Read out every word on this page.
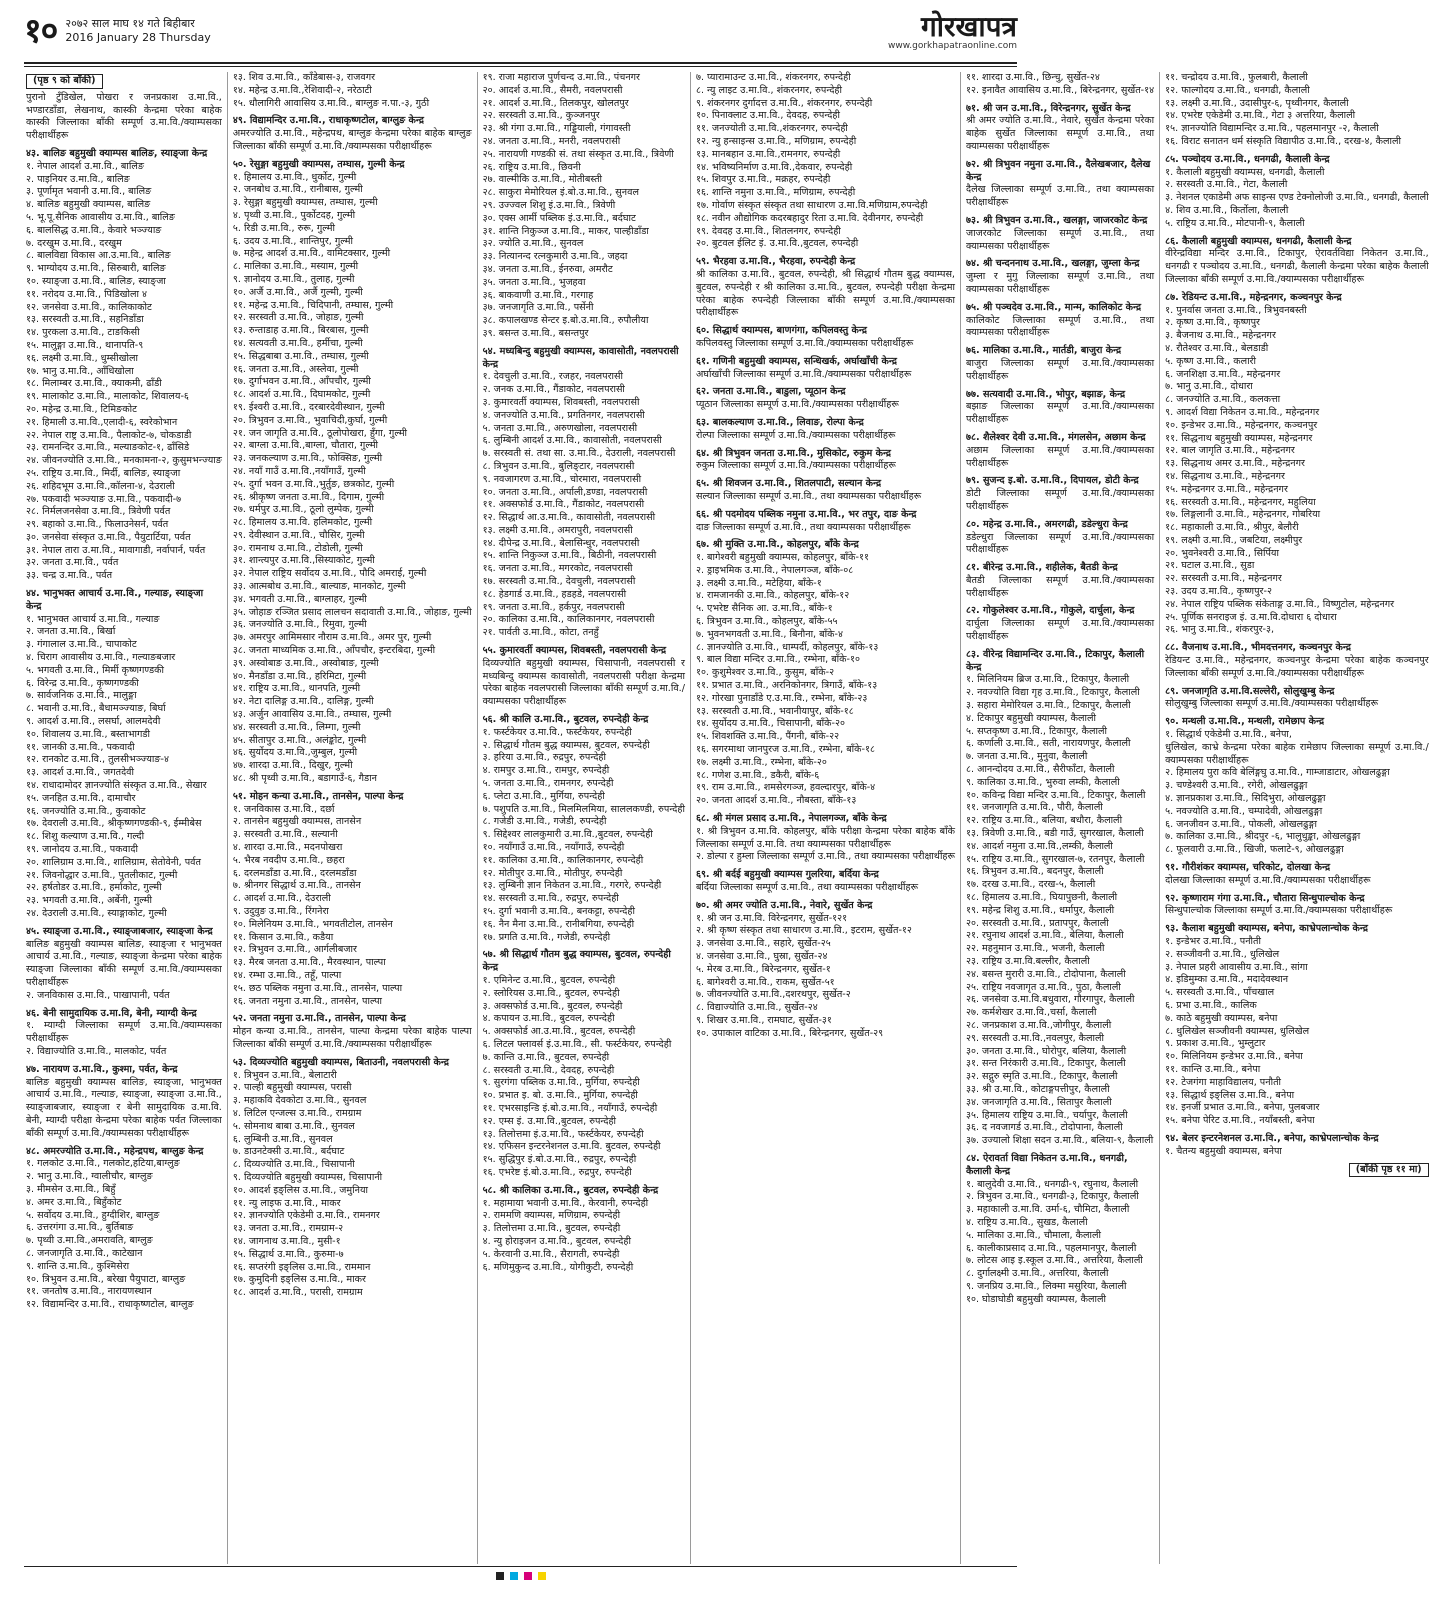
१० २०७२ साल माघ १४ गते बिहीबार
2016 January 28 Thursday	गोरखापत्र
www.gorkhapatraonline.com
(पृष्ठ ९ को बाँकी)
पुरानो टुँडिखेल, पोखरा र जनप्रकाश उ.मा.वि., भण्डारडाँडा, लेखनाथ, कास्की केन्द्रमा परेका बाहेक कास्की जिल्लाका बाँकी सम्पूर्ण उ.मा.वि./क्याम्पसका परीक्षार्थीहरू
४३. बालिङ बहुमुखी क्याम्पस बालिङ, स्याङ्जा केन्द्र
१. नेपाल आदर्श उ.मा.वि., बालिङ
२. पाइनियर उ.मा.वि., बालिङ
३. पूर्णामृत भवानी उ.मा.वि., बालिङ
४. बालिङ बहुमुखी क्याम्पस, बालिङ
५. भू.पू.सैनिक आवासीय उ.मा.वि., बालिङ
६. बालसिद्ध उ.मा.वि., केवारे भञ्ज्याङ
७. दरखुम उ.मा.वि., दरखुम
८. बालविद्या विकास आ.उ.मा.वि., बालिङ
९. भाग्योदय उ.मा.वि., सिरुबारी, बालिङ
१०. स्याङ्जा उ.मा.वि., बालिङ, स्याङ्जा
११. नरोदय उ.मा.वि., पिडिखोला ४
१२. जनसेवा उ.मा.वि., कालिकाकोट
१३. सरस्वती उ.मा.वि., सहनिडाँडा
१४. पुरकला उ.मा.वि., टाङकिसी
१५. मालुङ्गा उ.मा.वि., थानापति-९
१६. लक्ष्मी उ.मा.वि., धुम्सीखोला
१७. भानु उ.मा.वि., आँधिखोला
१८. मिलाम्बर उ.मा.वि., क्याकमी, ढाँडी
१९. मालाकोट उ.मा.वि., मालाकोट, शिवालय-६
२०. महेन्द्र उ.मा.वि., टिमिङकोट
२१. हिमाली उ.मा.वि.,एलादी-६, स्वरेकोभान
२२. नेपाल राष्ट्र उ.मा.वि., पैलाकोट-७, चोकडाडी
२३. रामनन्दिर उ.मा.वि., मल्याङकोट-१, ढाँसिडे
२४. जीवनज्योति उ.मा.वि., मनकामना-२, कुसुमभन्ज्याङ
२५. राष्ट्रिय उ.मा.वि., मिर्दी, बालिङ, स्याङ्जा
२६. शहिदभूम उ.मा.वि.,कॉलना-४, देउराली
२७. पकवादी भञ्ज्याङ उ.मा.वि., पकवादी-७
२८. निर्मलजनसेवा उ.मा.वि., त्रिवेणी पर्वत
२९. बहाको उ.मा.वि., फिलाउनेसर्न, पर्वत
३०. जनसेवा संस्कृत उ.मा.वि., पैयुटार्टिया, पर्वत
३१. नेपाल तारा उ.मा.वि., मावागाडी, नर्वापार्न, पर्वत
३२. जनता उ.मा.वि., पर्वत
३३. चन्द्र उ.मा.वि., पर्वत
४४. भानुभक्त आचार्य उ.मा.वि., गल्याङ, स्याङ्जा केन्द्र
१. भानुभक्त आचार्य उ.मा.वि., गल्याङ
२. जनता उ.मा.वि., बिर्खा
३. गंगालाल उ.मा.वि., चापाकोट
४. चिराग आवासीय उ.मा.वि., गल्याङबजार
५. भगवती उ.मा.वि., मिर्मी कृष्णगण्डकी
६. विरेन्द्र उ.मा.वि., कृष्णगण्डकी
७. सार्वजनिक उ.मा.वि., मालुङ्गा
८. भवानी उ.मा.वि., बैधामञ्ज्याङ, बिर्घा
९. आदर्श उ.मा.वि., लसर्घा, आलमदेवी
१०. शिवालय उ.मा.वि., बस्ताभागडी
११. जानकी उ.मा.वि., पकवादी
१२. रानकोट उ.मा.वि., तुलसीभञ्ज्याङ-४
१३. आदर्श उ.मा.वि., जगतदेवी
१४. राधादामोदर ज्ञानज्योति संस्कृत उ.मा.वि., सेखार
१५. जनहित उ.मा.वि., दामाचौर
१६. जनज्योति उ.मा.वि., कुवाकोट
१७. देवराली उ.मा.वि., श्रीकृष्णगण्डकी-९, ईम्मीबेस
१८. शिशु कल्याण उ.मा.वि., गल्दी
१९. जानोदय उ.मा.वि., पकवादी
२०. शालिग्राम उ.मा.वि., शालिग्राम, सेतोवेनी, पर्वत
२१. जिवनोद्धार उ.मा.वि., पुतलीकाट, गुल्मी
२२. हर्षतोडर उ.मा.वि., हर्माकोट, गुल्मी
२३. भगवती उ.मा.वि., अर्बेनी, गुल्मी
२४. देउराली उ.मा.वि., स्याङ्गाकोट, गुल्मी
४५. स्याङ्जा उ.मा.वि., स्याङ्जाबजार, स्याङ्जा केन्द्र
बालिङ बहुमुखी क्याम्पस बालिङ, स्याङ्जा र भानुभक्त आचार्य उ.मा.वि., गल्याङ, स्याङ्जा केन्द्रमा परेका बाहेक स्याङ्जा जिल्लाका बाँकी सम्पूर्ण उ.मा.वि./क्याम्पसका परीक्षार्थीहरू
२. जनविकास उ.मा.वि., पाखापानी, पर्वत
४६. बेनी सामुदायिक उ.मा.वि, बेनी, म्याग्दी केन्द्र
१. म्याग्दी जिल्लाका सम्पूर्ण उ.मा.वि./क्याम्पसका परीक्षार्थीहरू
२. विद्याज्योति उ.मा.वि., मालकोट, पर्वत
४७. नारायण उ.मा.वि., कुश्मा, पर्वत, केन्द्र
बालिङ बहुमुखी क्याम्पस बालिङ, स्याङ्जा, भानुभक्त आचार्य उ.मा.वि., गल्याङ, स्याङ्जा, स्याङ्जा उ.मा.वि., स्याङ्जाबजार, स्याङ्जा र बेनी सामुदायिक उ.मा.वि. बेनी, म्याग्दी परीक्षा केन्द्रमा परेका बाहेक पर्वत जिल्लाका बाँकी सम्पूर्ण उ.मा.वि./क्याम्पसका परीक्षार्थीहरू
४८. अमरज्योति उ.मा.वि., महेन्द्रपथ, बाग्लुङ केन्द्र
१. गलकोट उ.मा.वि., गलकोट,हटिया,बाग्लुङ
२. भानु उ.मा.वि., ग्वालीचौर, बाग्लुङ
३. मीमसेन उ.मा.वि., बिहुँ
४. अमर उ.मा.वि., बिहुँकोट
५. सर्वोदय उ.मा.वि., हुग्दीशिर, बाग्लुङ
६. उत्तरगंगा उ.मा.वि., बुर्तिबाङ
७. पृथ्वी उ.मा.वि.,अमरावति, बाग्लुङ
८. जनजागृति उ.मा.वि., काटेखान
९. शान्ति उ.मा.वि., कुश्मिसेरा
१०. त्रिभुवन उ.मा.वि., बरेखा पैयुपाटा, बाग्लुङ
११. जनतोष उ.मा.वि., नारायणस्थान
१२. विद्यामन्दिर उ.मा.वि., राधाकृष्णटोल, बाग्लुङ
१३. शिव उ.मा.वि., काँडेबास-३, राजवगर
१४. महेन्द्र उ.मा.वि.,रेशिवादी-२, नरेठाटी
१५. धौलागिरी आवासिय उ.मा.वि., बाग्लुङ न.पा.-३, गुठी
४९. विद्यामन्दिर उ.मा.वि., राधाकृष्णटोल, बाग्लुङ केन्द्र
अमरज्योति उ.मा.वि., महेन्द्रपथ, बाग्लुङ केन्द्रमा परेका बाहेक बाग्लुङ जिल्लाका बाँकी सम्पूर्ण उ.मा.वि./क्याम्पसका परीक्षार्थीहरू
५०. रेसुङ्गा बहुमुखी क्याम्पस, तम्घास, गुल्मी केन्द्र
१. हिमालय उ.मा.वि., धुर्कोट, गुल्मी
२. जनबोध उ.मा.वि., रानीबास, गुल्मी
३. रेसुङ्गा बहुमुखी क्याम्पस, तम्घास, गुल्मी
४. पृथ्वी उ.मा.वि., पुर्कोटदह, गुल्मी
५. रिडी उ.मा.वि., रुरू, गुल्मी
६. उदय उ.मा.वि., शान्तिपुर, गुल्मी
७. महेन्द्र आदर्श उ.मा.वि., वामिटक्सार, गुल्मी
८. मालिका उ.मा.वि., मस्याम, गुल्मी
९. ज्ञानोदय उ.मा.वि., तुलाह, गुल्मी
१०. अर्जै उ.मा.वि., अर्जै गुल्मी, गुल्मी
११. महेन्द्र उ.मा.वि., चिदिपानी, तम्घास, गुल्मी
१२. सरस्वती उ.मा.वि., जोहाङ, गुल्मी
१३. रुन्ताडाह उ.मा.वि., बिरबास, गुल्मी
१४. सत्यवती उ.मा.वि., हर्मीचा, गुल्मी
१५. सिद्धबाबा उ.मा.वि., तम्घास, गुल्मी
१६. जनता उ.मा.वि., अस्लेवा, गुल्मी
१७. दुर्गाभवन उ.मा.वि., आँपचौर, गुल्मी
१८. आदर्श उ.मा.वि., दिघामकोट, गुल्मी
१९. ईश्वरी उ.मा.वि., दरबारदेवीस्थान, गुल्मी
२०. त्रिभुवन उ.मा.वि., भुवाचिदी,कुर्घा, गुल्मी
२१. जन जागृति उ.मा.वि., ठूलोपोखरा, हुँगा, गुल्मी
२२. बाग्ला उ.मा.वि.,बाग्ला, चौतारा, गुल्मी
२३. जनकल्याण उ.मा.वि., फोक्सिङ, गुल्मी
२४. नयाँ गाउँ उ.मा.वि.,नयाँगाउँ, गुल्मी
२५. दुर्गा भवन उ.मा.वि.,भुर्तुङ, छत्रकोट, गुल्मी
२६. श्रीकृष्ण जनता उ.मा.वि., दिगाम, गुल्मी
२७. धर्मपुर उ.मा.वि., ठूलो लुम्पेक, गुल्मी
२८. हिमालय उ.मा.वि. हलिमकोट, गुल्मी
२९. देवीस्थान उ.मा.वि., चौसिर, गुल्मी
३०. रामनाथ उ.मा.वि., टोडोली, गुल्मी
३१. शान्त्यपुर उ.मा.वि.,सिस्याकोट, गुल्मी
३२. नेपाल राष्ट्रिय सर्वोदय उ.मा.वि., पौदि अमराई, गुल्मी
३३. आत्मबोध उ.मा.वि., बाल्याङ, मानकोट, गुल्मी
३४. भगवती उ.मा.वि., बाग्लाहर, गुल्मी
३५. जोहाङ रञ्जित प्रसाद लालचन सदावाती उ.मा.वि., जोहाङ, गुल्मी
३६. जनज्योति उ.मा.वि., रिमुवा, गुल्मी
३७. अमरपुर आमिमसार नौराम उ.मा.वि., अमर पुर, गुल्मी
३८. जनता माध्यमिक उ.मा.वि., आँपचौर, इन्टरबिदा, गुल्मी
३९. अस्वोबाङ उ.मा.वि., अस्वोबाङ, गुल्मी
४०. मैनडाँडा उ.मा.वि., हरिमिटा, गुल्मी
४१. राष्ट्रिय उ.मा.वि., थानपति, गुल्मी
४२. नेटा दालिङ्ग उ.मा.वि., दालिङ्ग, गुल्मी
४३. अर्जुन आवासिय उ.मा.वि., तम्घास, गुल्मी
४४. सरस्वती उ.मा.वि., लिम्गा, गुल्मी
४५. सीतापुर उ.मा.वि., अलंङ्कोट, गुल्मी
४६. सुर्योदय उ.मा.वि.,जुम्बुल, गुल्मी
४७. शारदा उ.मा.वि., दिखुर, गुल्मी
४८. श्री पृथ्वी उ.मा.वि., बडागाउँ-६, गैडान
५१. मोहन कन्या उ.मा.वि., तानसेन, पाल्पा केन्द्र
१. जनविकास उ.मा.वि., दर्छा
२. तानसेन बहुमुखी क्याम्पस, तानसेन
३. सरस्वती उ.मा.वि., सल्यानी
४. शारदा उ.मा.वि., मदनपोखरा
५. भैरब नवदीप उ.मा.वि., छहरा
६. दरलमडाँडा उ.मा.वि., दरलमडाँडा
७. श्रीनगर सिद्धार्थ उ.मा.वि., तानसेन
८. आदर्श उ.मा.वि., देउराली
९. उदुवुङ उ.मा.वि., रिंगनेरा
१०. मिलेनियम उ.मा.वि., भगवतीटोल, तानसेन
११. किसान उ.मा.वि., कडैया
१२. त्रिभुवन उ.मा.वि., आर्गलीबजार
१३. मैरब जनता उ.मा.वि., मैरवस्थान, पाल्पा
१४. रम्भा उ.मा.वि., तहूँ, पाल्पा
१५. छठ पब्लिक नमुना उ.मा.वि., तानसेन, पाल्पा
१६. जनता नमुना उ.मा.वि., तानसेन, पाल्पा
५२. जनता नमुना उ.मा.वि., तानसेन, पाल्पा केन्द्र
मोहन कन्या उ.मा.वि., तानसेन, पाल्पा केन्द्रमा परेका बाहेक पाल्पा जिल्लाका बाँकी सम्पूर्ण उ.मा.वि./क्याम्पसका परीक्षार्थीहरू
५३. दिव्यज्योति बहुमुखी क्याम्पस, बिताउनी, नवलपरासी केन्द्र
१. त्रिभुवन उ.मा.वि., बेलाटारी
२. पाल्ही बहुमुखी क्याम्पस, परासी
३. महाकवि देवकोटा उ.मा.वि., सुनवल
४. लिटिल एन्जल्स उ.मा.वि., रामग्राम
५. सोमनाथ बाबा उ.मा.वि., सुनवल
६. लुम्बिनी उ.मा.वि., सुनवल
७. डाउनटेक्सी उ.मा.वि., बर्दघाट
८. दिव्यज्योति उ.मा.वि., चिसापानी
९. दिव्यज्योति बहुमुखी क्याम्पस, चिसापानी
१०. आदर्श इङ्लिस उ.मा.वि., जमुनिया
११. न्यु लाइफ उ.मा.वि., माकर
१२. ज्ञानज्योति एकेडेमी उ.मा.वि., रामनगर
१३. जनता उ.मा.वि., रामग्राम-२
१४. जागनाथ उ.मा.वि., मुसी-१
१५. सिद्धार्थ उ.मा.वि., कुरुमा-७
१६. सप्तरंगी इङ्लिस उ.मा.वि., राममान
१७. कुमुदिनी इङ्लिस उ.मा.वि., माकर
१८. आदर्श उ.मा.वि., परासी, रामग्राम
१९. राजा महाराज पुर्णचन्द उ.मा.वि., पंचनगर
२०. आदर्श उ.मा.वि., सैमरी, नवलपरासी
२१. आदर्श उ.मा.वि., तिलकपुर, खोलतपुर
२२. सरस्वती उ.मा.वि., कुञ्जनपुर
२३. श्री गंगा उ.मा.वि., गड्डियाली, गंगावस्ती
२४. जनता उ.मा.वि., मनरी, नवलपरासी
२५. नारायणी गण्डकी सं. तथा संस्कृत उ.मा.वि., त्रिवेणी
२६. राष्ट्रिय उ.मा.वि., छिवनी
२७. वाल्मीकि उ.मा.वि., मोतीबस्ती
२८. साकुरा मेमोरियल इं.बो.उ.मा.वि., सुनवल
२९. उज्ज्वल शिशु इं.उ.मा.वि., त्रिवेणी
३०. एक्स आर्मी पब्लिक इं.उ.मा.वि., बर्दघाट
३१. शान्ति निकुञ्ज उ.मा.वि., माकर, पाल्हीडाँडा
३२. ज्योति उ.मा.वि., सुनवल
३३. नित्यानन्द रत्नकुमारी उ.मा.वि., जहदा
३४. जनता उ.मा.वि., ईनरुवा, अमरौट
३५. जनता उ.मा.वि., भुजहवा
३६. बाकवाणी उ.मा.वि., गरगाह
३७. जनजागृति उ.मा.वि., पर्सेनी
३८. कपालखण्ड सेन्टर इ.बो.उ.मा.वि., रुपौलीया
३९. बसन्त उ.मा.वि., बसन्तपुर
५४. मध्यबिन्दु बहुमुखी क्याम्पस, कावासोती, नवलपरासी केन्द्र
१. देवचुली उ.मा.वि., रजहर, नवलपरासी
२. जनक उ.मा.वि., गैंडाकोट, नवलपरासी
३. कुमारवर्ती क्याम्पस, शिवबस्ती, नवलपरासी
४. जनज्योति उ.मा.वि., प्रगतिनगर, नवलपरासी
५. जनता उ.मा.वि., अरुणखोला, नवलपरासी
६. लुम्बिनी आदर्श उ.मा.वि., कावासोती, नवलपरासी
७. सरस्वती सं. तथा सा. उ.मा.वि., देउराली, नवलपरासी
८. त्रिभुवन उ.मा.वि., बुलिङ्टार, नवलपरासी
९. नवजागरण उ.मा.वि., चोरमारा, नवलपरासी
१०. जनता उ.मा.वि., अर्पाली,डण्डा, नवलपरासी
११. अक्सफोर्ड उ.मा.वि., गैंडाकोट, नवलपरासी
१२. सिद्धार्थ आ.उ.मा.वि., कावासोती, नवलपरासी
१३. लक्ष्मी उ.मा.वि., अमरापुरी, नवलपरासी
१४. दीपेन्द्र उ.मा.वि., बेलासिन्धुर, नवलपरासी
१५. शान्ति निकुञ्ज उ.मा.वि., बिठीनी, नवलपरासी
१६. जनता उ.मा.वि., मगरकोट, नवलपरासी
१७. सरस्वती उ.मा.वि., देवचुली, नवलपरासी
१८. हेडगार्ड उ.मा.वि., हडहडे, नवलपरासी
१९. जनता उ.मा.वि., हर्कपुर, नवलपरासी
२०. कालिका उ.मा.वि., कालिकानगर, नवलपरासी
२१. पार्वती उ.मा.वि., कोटा, तनहुँ
५५. कुमारवर्ती क्याम्पस, शिवबस्ती, नवलपरासी केन्द्र
दिव्यज्योति बहुमुखी क्याम्पस, चिसापानी, नवलपरासी र मध्यबिन्दु क्याम्पस कावासोती, नवलपरासी परीक्षा केन्द्रमा परेका बाहेक नवलपरासी जिल्लाका बाँकी सम्पूर्ण उ.मा.वि./क्याम्पसका परीक्षार्थीहरू
५६. श्री कालि उ.मा.वि., बुटवल, रुपन्देही केन्द्र
१. फर्स्टकेयर उ.मा.वि., फर्स्टकेयर, रुपन्देही
२. सिद्धार्थ गौतम बुद्ध क्याम्पस, बुटवल, रुपन्देही
३. हरिया उ.मा.वि., रुद्रपुर, रुपन्देही
४. रामपुर उ.मा.वि., रामपुर, रुपन्देही
५. जनता उ.मा.वि., रामनगर, रुपन्देही
६. प्लेटा उ.मा.वि., मुर्गिया, रुपन्देही
७. पशुपति उ.मा.वि., मिलमिलमिया, साललकण्डी, रुपन्देही
८. गजेडी उ.मा.वि., गजेडी, रुपन्देही
९. सिद्देश्वर लालकुमारी उ.मा.वि.,बुटवल, रुपन्देही
१०. नयाँगाउँ उ.मा.वि., नयाँगाउँ, रुपन्देही
११. कालिका उ.मा.वि., कालिकानगर, रुपन्देही
१२. मोतीपुर उ.मा.वि., मोतीपुर, रुपन्देही
१३. लुम्बिनी ज्ञान निकेतन उ.मा.वि., गरगरे, रुपन्देही
१४. सरस्वती उ.मा.वि., रुद्रपुर, रुपन्देही
१५. दुर्गा भवानी उ.मा.वि., बनकट्टा, रुपन्देही
१६. नैन मैना उ.मा.वि., रानीबगिया, रुपन्देही
१७. प्रगति उ.मा.वि., गजेडी, रुपन्देही
५७. श्री सिद्धार्थ गौतम बुद्ध क्याम्पस, बुटवल, रुपन्देही केन्द्र
१. एमिनेन्ट उ.मा.वि., बुटवल, रुपन्देही
२. स्लोरियस उ.मा.वि., बुटवल, रुपन्देही
३. अक्सफोर्ड उ.मा.वि., बुटवल, रुपन्देही
४. कपायन उ.मा.वि., बुटवल, रुपन्देही
५. अक्सफोर्ड आ.उ.मा.वि., बुटवल, रुपन्देही
६. लिटल फ्लावर्स इं.उ.मा.वि., सी. फर्स्टकेयर, रुपन्देही
७. कान्ति उ.मा.वि., बुटवल, रुपन्देही
८. सरस्वती उ.मा.वि., देवदह, रुपन्देही
९. सुरगंगा पब्लिक उ.मा.वि., मुर्गिया, रुपन्देही
१०. प्रभात इ. बो. उ.मा.वि., मुर्गिया, रुपन्देही
११. एभरसाइन्डि इं.बो.उ.मा.वि., नयाँगाउँ, रुपन्देही
१२. एम्स इं. उ.मा.वि.,बुटवल, रुपन्देही
१३. तिलोत्तमा इं.उ.मा.वि., फर्स्टकेयर, रुपन्देही
१४. एफिसन इन्टरनेशनल उ.मा.वि. बुटवल, रुपन्देही
१५. सुद्धिपुर इं.बो.उ.मा.वि., रुद्रपुर, रुपन्देही
१६. एभरेष्ट इं.बो.उ.मा.वि., रुद्रपुर, रुपन्देही
५८. श्री कालिका उ.मा.वि., बुटवल, रुपन्देही केन्द्र
१. महामाया भवानी उ.मा.वि., केरवानी, रुपन्देही
२. राममणि क्याम्पस, मणिग्राम, रुपन्देही
३. तिलोत्तमा उ.मा.वि., बुटवल, रुपन्देही
४. न्यु होराइजन उ.मा.वि., बुटवल, रुपन्देही
५. केरवानी उ.मा.वि., सैरागती, रुपन्देही
६. मणिमुकुन्द उ.मा.वि., योगीकुटी, रुपन्देही
७. प्यारामाउन्ट उ.मा.वि., शंकरनगर, रुपन्देही
८. न्यु लाइट उ.मा.वि., शंकरनगर, रुपन्देही
९. शंकरनगर दुर्गादत्त उ.मा.वि., शंकरनगर, रुपन्देही
१०. पिनाक्लाट उ.मा.वि., देवदह, रुपन्देही
११. जनज्योती उ.मा.वि.,शंकरनगर, रुपन्देही
१२. न्यु हन्साइन्स उ.मा.वि., मणिग्राम, रुपन्देही
१३. मानबहान उ.मा.वि.,रामनगर, रुपन्देही
१४. भविष्यनिर्माण उ.मा.वि.,देकवार, रुपन्देही
१५. शिवपुर उ.मा.वि., मक्रहर, रुपन्देही
१६. शान्ति नमुना उ.मा.वि., मणिग्राम, रुपन्देही
१७. गोर्वाण संस्कृत संस्कृत तथा साधारण उ.मा.वि.मणिग्राम,रुपन्देही
१८. नवीन औद्योगिक कदरबहादुर रिता उ.मा.वि. देवीनगर, रुपन्देही
१९. देवदह उ.मा.वि., शितलनगर, रुपन्देही
२०. बुटवल ईलिट इं. उ.मा.वि.,बुटवल, रुपन्देही
५९. भैरहवा उ.मा.वि., भैरहवा, रुपन्देही केन्द्र
श्री कालिका उ.मा.वि., बुटवल, रुपन्देही, श्री सिद्धार्थ गौतम बुद्ध क्याम्पस, बुटवल, रुपन्देही र श्री कालिका उ.मा.वि., बुटवल, रुपन्देही परीक्षा केन्द्रमा परेका बाहेक रुपन्देही जिल्लाका बाँकी सम्पूर्ण उ.मा.वि./क्याम्पसका परीक्षार्थीहरू
६०. सिद्धार्थ क्याम्पस, बाणगंगा, कपिलवस्तु केन्द्र
कपिलवस्तु जिल्लाका सम्पूर्ण उ.मा.वि./क्याम्पसका परीक्षार्थीहरू
६१. गणिनी बहुमुखी क्याम्पस, सन्धिखर्क, अर्घाखाँची केन्द्र
अर्घाखाँची जिल्लाका सम्पूर्ण उ.मा.वि./क्याम्पसका परीक्षार्थीहरू
६२. जनता उ.मा.वि., बाडुला, प्यूठान केन्द्र
प्यूठान जिल्लाका सम्पूर्ण उ.मा.वि./क्याम्पसका परीक्षार्थीहरू
६३. बालकल्याण उ.मा.वि., लिवाङ, रोल्पा केन्द्र
रोल्पा जिल्लाका सम्पूर्ण उ.मा.वि./क्याम्पसका परीक्षार्थीहरू
६४. श्री त्रिभुवन जनता उ.मा.वि., मुसिकोट, रुकुम केन्द्र
रुकुम जिल्लाका सम्पूर्ण उ.मा.वि./क्याम्पसका परीक्षार्थीहरू
६५. श्री शिवजन उ.मा.वि., शितलपाटी, सल्यान केन्द्र
सल्यान जिल्लाका सम्पूर्ण उ.मा.वि., तथा क्याम्पसका परीक्षार्थीहरू
६६. श्री पदमोदय पब्लिक नमुना उ.मा.वि., भर तपुर, दाङ केन्द्र
दाङ जिल्लाका सम्पूर्ण उ.मा.वि., तथा क्याम्पसका परीक्षार्थीहरू
६७. श्री मुक्ति उ.मा.वि., कोहलपुर, बाँके केन्द्र
१. बागेश्वरी बहुमुखी क्याम्पस, कोहलपुर, बाँके-११
२. ड्राइभमिक उ.मा.वि., नेपालगञ्ज, बाँके-०८
३. लक्ष्मी उ.मा.वि., मटेहिया, बाँके-१
४. रामजानकी उ.मा.वि., कोहलपुर, बाँके-१२
५. एभरेष्ट सैनिक आ. उ.मा.वि., बाँके-१
६. त्रिभुवन उ.मा.वि., कोहलपुर, बाँके-५५
७. भुवनभगवती उ.मा.वि., बिनौना, बाँके-४
८. ज्ञानज्योति उ.मा.वि., धाम्पर्दी, कोहलपुर, बाँके-१३
९. बाल विद्या मन्दिर उ.मा.वि., रम्भेना, बाँके-१०
१०. कुशुमेश्वर उ.मा.वि., कुसुम, बाँके-२
११. प्रभात उ.मा.वि., अरनिकोनगर, त्रिगाउँ, बाँके-१३
१२. गोरखा पुनाडाँडे ए.उ.मा.वि., रम्भेना, बाँके-२३
१३. सरस्वती उ.मा.वि., भवानीयापुर, बाँके-१८
१४. सुर्योदय उ.मा.वि., चिसापानी, बाँके-२०
१५. शिवशक्ति उ.मा.वि., पैंगनी, बाँके-२२
१६. सगरमाथा जानपुरज उ.मा.वि., रम्भेना, बाँके-१८
१७. लक्ष्मी उ.मा.वि., रम्भेना, बाँके-२०
१८. गणेश उ.मा.वि., डकैरी, बाँके-६
१९. राम उ.मा.वि., शमसेरगञ्ज, हवल्दारपुर, बाँके-४
२०. जनता आदर्श उ.मा.वि., नौबस्ता, बाँके-१३
६८. श्री मंगल प्रसाद उ.मा.वि., नेपालगञ्ज, बाँके केन्द्र
१. श्री त्रिभुवन उ.मा.वि. कोहलपुर, बाँके परीक्षा केन्द्रमा परेका बाहेक बाँके जिल्लाका सम्पूर्ण उ.मा.वि. तथा क्याम्पसका परीक्षार्थीहरू
२. डोल्पा र हुम्ला जिल्लाका सम्पूर्ण उ.मा.वि., तथा क्याम्पसका परीक्षार्थीहरू
६९. श्री बर्दई बहुमुखी क्याम्पस गुलरिया, बर्दिया केन्द्र
बर्दिया जिल्लाका सम्पूर्ण उ.मा.वि., तथा क्याम्पसका परीक्षार्थीहरू
७०. श्री अमर ज्योति उ.मा.वि., नेवारे, सुर्खेत केन्द्र
१. श्री जन उ.मा.वि. विरेन्द्रनगर, सुर्खेत-१२१
२. श्री कृष्ण संस्कृत तथा साधारण उ.मा.वि., इटराम, सुर्खेत-१२
३. जनसेवा उ.मा.वि., सहारे, सुर्खेत-२५
४. जनसेवा उ.मा.वि., घुस्रा, सुर्खेत-२४
५. मेरब उ.मा.वि., बिरेन्द्रनगर, सुर्खेत-१
६. बागेश्वरी उ.मा.वि., राकम, सुर्खेत-५१
७. जीवनज्योति उ.मा.वि.,दशरथपुर, सुर्खेत-२
८. विद्याज्योति उ.मा.वि., सुर्खेत-२४
९. शिखर उ.मा.वि., रामघाट, सुर्खेत-३१
१०. उपाकाल वाटिका उ.मा.वि., बिरेन्द्रनगर, सुर्खेत-२९
११. शारदा उ.मा.वि., छिन्चु, सुर्खेत-२४
१२. इनावैत आवासिय उ.मा.वि., बिरेन्द्रनगर, सुर्खेत-१४
७१. श्री जन उ.मा.वि., विरेन्द्रनगर, सुर्खेत केन्द्र
श्री अमर ज्योति उ.मा.वि., नेवारे, सुर्खेत केन्द्रमा परेका बाहेक सुर्खेत जिल्लाका सम्पूर्ण उ.मा.वि., तथा क्याम्पसका परीक्षार्थीहरू
७२. श्री त्रिभुवन नमुना उ.मा.वि., दैलेखबजार, दैलेख केन्द्र
दैलेख जिल्लाका सम्पूर्ण उ.मा.वि., तथा क्याम्पसका परीक्षार्थीहरू
७३. श्री त्रिभुवन उ.मा.वि., खलङ्गा, जाजरकोट केन्द्र
जाजरकोट जिल्लाका सम्पूर्ण उ.मा.वि., तथा क्याम्पसका परीक्षार्थीहरू
७४. श्री चन्दननाथ उ.मा.वि., खलङ्गा, जुम्ला केन्द्र
जुम्ला र मुगु जिल्लाका सम्पूर्ण उ.मा.वि., तथा क्याम्पसका परीक्षार्थीहरू
७५. श्री पञ्चदेव उ.मा.वि., मान्म, कालिकोट केन्द्र
कालिकोट जिल्लाका सम्पूर्ण उ.मा.वि., तथा क्याम्पसका परीक्षार्थीहरू
७६. मालिका उ.मा.वि., मार्तडी, बाजुरा केन्द्र
बाजुरा जिल्लाका सम्पूर्ण उ.मा.वि./क्याम्पसका परीक्षार्थीहरू
७७. सत्यवादी उ.मा.वि., भोपुर, बझाङ, केन्द्र
बझाङ जिल्लाका सम्पूर्ण उ.मा.वि./क्याम्पसका परीक्षार्थीहरू
७८. शैलेश्वर देवी उ.मा.वि., मंगलसेन, अछाम केन्द्र
अछाम जिल्लाका सम्पूर्ण उ.मा.वि./क्याम्पसका परीक्षार्थीहरू
७९. सुजन्द इ.बो. उ.मा.वि., दिपायल, डोटी केन्द्र
डोटी जिल्लाका सम्पूर्ण उ.मा.वि./क्याम्पसका परीक्षार्थीहरू
८०. महेन्द्र उ.मा.वि., अमरगढी, डडेल्धुरा केन्द्र
डडेल्धुरा जिल्लाका सम्पूर्ण उ.मा.वि./क्याम्पसका परीक्षार्थीहरू
८१. बीरेन्द्र उ.मा.वि., शहीलेक, बैतडी केन्द्र
बैतडी जिल्लाका सम्पूर्ण उ.मा.वि./क्याम्पसका परीक्षार्थीहरू
८२. गोकुलेश्वर उ.मा.वि., गोकुले, दार्चुला, केन्द्र
दार्चुला जिल्लाका सम्पूर्ण उ.मा.वि./क्याम्पसका परीक्षार्थीहरू
८३. वीरेन्द्र विद्यामन्दिर उ.मा.वि., टिकापुर, कैलाली केन्द्र
१. मिलिनियम ब्रिज उ.मा.वि., टिकापुर, कैलाली
२. नवज्योति विद्या गृह उ.मा.वि., टिकापुर, कैलाली
३. सहारा मेमोरियल उ.मा.वि., टिकापुर, कैलाली
४. टिकापुर बहुमुखी क्याम्पस, कैलाली
५. सप्तकृष्ण उ.मा.वि., टिकापुर, कैलाली
६. कर्णाली उ.मा.वि., सती, नारायणपुर, कैलाली
७. जनता उ.मा.वि., मुनुवा, कैलाली
८. आनन्दोदय उ.मा.वि., सैरीफाँटा, कैलाली
९. कालिका उ.मा.वि., भुरुवा लम्की, कैलाली
१०. कविन्द्र विद्या मन्दिर उ.मा.वि., टिकापुर, कैलाली
११. जनजागृति उ.मा.वि., पौरी, कैलाली
१२. राष्ट्रिय उ.मा.वि., बलिया, बधौरा, कैलाली
१३. त्रिवेणी उ.मा.वि., बडी गाउँ, सुगरखाल, कैलाली
१४. आदर्श नमुना उ.मा.वि.,लम्की, कैलाली
१५. राष्ट्रिय उ.मा.वि., सुगरखाल-७, रतनपुर, कैलाली
१६. त्रिभुवन उ.मा.वि., बदनपुर, कैलाली
१७. दरख उ.मा.वि., दरख-५, कैलाली
१८. हिमालय उ.मा.वि., घियापुछनी, कैलाली
१९. महेन्द्र शिशु उ.मा.वि., धर्मापुर, कैलाली
२०. सरस्वती उ.मा.वि., प्रतापपुर, कैलाली
२१. रघुनाथ आदर्श उ.मा.वि., बेलिया, कैलाली
२२. महनुमान उ.मा.वि., भजनी, कैलाली
२३. राष्ट्रिय उ.मा.वि.बल्लीर, कैलाली
२४. बसन्त मुरारी उ.मा.वि., टोदोपाना, कैलाली
२५. राष्ट्रिय नवजागृत उ.मा.वि., पुठा, कैलाली
२६. जनसेवा उ.मा.वि.बधुवारा, गौरगापुर, कैलाली
२७. कर्मशेखर उ.मा.वि.,चर्सा, कैलाली
२८. जनप्रकाश उ.मा.वि.,जोगीपुर, कैलाली
२९. सरस्वती उ.मा.वि.,नवलपुर, कैलाली
३०. जनता उ.मा.वि., घोरोपुर, बलिया, कैलाली
३१. सन्त निरंकारी उ.मा.वि., टिकापुर, कैलाली
३२. सद्गुरु स्मृति उ.मा.वि., टिकापुर, कैलाली
३३. श्री उ.मा.वि., कोटाङ्गपत्तीपुर, कैलाली
३४. जनजागृति उ.मा.वि., सितापुर कैलाली
३५. हिमालय राष्ट्रिय उ.मा.वि., चर्यापुर, कैलाली
३६. द नवजागर्ड उ.मा.वि., टोदोपाना, कैलाली
३७. उज्यालो शिक्षा सदन उ.मा.वि., बलिया-९, कैलाली
८४. ऐरावर्ता विद्या निकेतन उ.मा.वि., धनगढी, कैलाली केन्द्र
१. बालुदेवी उ.मा.वि., धनगढी-९, रघुनाथ, कैलाली
२. त्रिभुवन उ.मा.वि., धनगढी-३, टिकापुर, कैलाली
३. महाकाली उ.मा.वि. उर्मा-६, चौमिटा, कैलाली
४. राष्ट्रिय उ.मा.वि., सुखड, कैलाली
५. मालिका उ.मा.वि., चौमाला, कैलाली
६. कालीकाप्रसाद उ.मा.वि., पहलमानपुर, कैलाली
७. लोटस आइ इ.स्कूल उ.मा.वि., अत्तरिया, कैलाली
८. दुर्गालक्ष्मी उ.मा.वि., अत्तरिया, कैलाली
९. जनप्रिय उ.मा.वि., लिक्मा मसुरिया, कैलाली
१०. घोडाघोडी बहुमुखी क्याम्पस, कैलाली
११. चन्द्रोदय उ.मा.वि., फुलबारी, कैलाली
१२. फाल्गोदय उ.मा.वि., धनगढी, कैलाली
१३. लक्ष्मी उ.मा.वि., उदासीपुर-६, पृथ्वीनगर, कैलाली
१४. एभरेष्ट एकेडेमी उ.मा.वि., गेटा ३ अत्तरिया, कैलाली
१५. ज्ञानज्योति विद्यामन्दिर उ.मा.वि., पहलमानपुर -२, कैलाली
१६. विराट सनातन धर्म संस्कृति विद्यापीठ उ.मा.वि., दरख-४, कैलाली
८५. पञ्चोदय उ.मा.वि., धनगढी, कैलाली केन्द्र
१. कैलाली बहुमुखी क्याम्पस, धनगढी, कैलाली
२. सरस्वती उ.मा.वि., गेटा, कैलाली
३. नेशनल एकाडेमी अफ साइन्स एण्ड टेक्नोलोजी उ.मा.वि., धनगढी, कैलाली
४. शिव उ.मा.वि., किर्तोला, कैलाली
५. राष्ट्रिय उ.मा.वि., मोटपानी-९, कैलाली
८६. कैलाली बहुमुखी क्याम्पस, धनगढी, कैलाली केन्द्र
वीरेन्द्रविद्या मन्दिर उ.मा.वि., टिकापुर, ऐरावर्तविद्या निकेतन उ.मा.वि., धनगढी र पञ्चोदय उ.मा.वि., धनगढी, कैलाली केन्द्रमा परेका बाहेक कैलाली जिल्लाका बाँकी सम्पूर्ण उ.मा.वि./क्याम्पसका परीक्षार्थीहरू
८७. रेडियन्ट उ.मा.वि., महेन्द्रनगर, कञ्चनपुर केन्द्र
१. पुनर्वास जनता उ.मा.वि., त्रिभुवनबस्ती
२. कृष्ण उ.मा.वि., कृष्णपुर
३. बैजनाथ उ.मा.वि., महेन्द्रनगर
४. रौतेश्वर उ.मा.वि., बेलडाडी
५. कृष्ण उ.मा.वि., कलारी
६. जनशिक्षा उ.मा.वि., महेन्द्रनगर
७. भानु उ.मा.वि., दोधारा
८. जनज्योति उ.मा.वि., कलकत्ता
९. आदर्श विद्या निकेतन उ.मा.वि., महेन्द्रनगर
१०. इन्डेभर उ.मा.वि., महेन्द्रनगर, कञ्चनपुर
११. सिद्धनाथ बहुमुखी क्याम्पस, महेन्द्रनगर
१२. बाल जागृति उ.मा.वि., महेन्द्रनगर
१३. सिद्धनाथ अमर उ.मा.वि., महेन्द्रनगर
१४. सिद्धनाथ उ.मा.वि., महेन्द्रनगर
१५. महेन्द्रनगर उ.मा.वि., महेन्द्रनगर
१६. सरस्वती उ.मा.वि., महेन्द्रनगर, महुलिया
१७. लिङ्गलानी उ.मा.वि., महेन्द्रनगर, गोबरिया
१८. महाकाली उ.मा.वि., श्रीपुर, बेलौरी
१९. लक्ष्मी उ.मा.वि., जबटिया, लक्ष्मीपुर
२०. भुवनेश्वरी उ.मा.वि., सिर्पिया
२१. घटाल उ.मा.वि., सुडा
२२. सरस्वती उ.मा.वि., महेन्द्रनगर
२३. उदय उ.मा.वि., कृष्णपुर-२
२४. नेपाल राष्ट्रिय पब्लिक संकेताङ्ग उ.मा.वि., विष्णुटोल, महेन्द्रनगर
२५. पूर्णिक सनराइज इं. उ.मा.वि.दोधारा ६ दोधारा
२६. भानु उ.मा.वि., शंकरपुर-३,
८८. वैजनाथ उ.मा.वि., भीमदत्तनगर, कञ्चनपुर केन्द्र
रेडियन्ट उ.मा.वि., महेन्द्रनगर, कञ्चनपुर केन्द्रमा परेका बाहेक कञ्चनपुर जिल्लाका बाँकी सम्पूर्ण उ.मा.वि./क्याम्पसका परीक्षार्थीहरू
८९. जनजागृति उ.मा.वि.सल्लेरी, सोलुखुम्बु केन्द्र
सोलुखुम्बु जिल्लाका सम्पूर्ण उ.मा.वि./क्याम्पसका परीक्षार्थीहरू
९०. मन्थली उ.मा.वि., मन्थली, रामेछाप केन्द्र
१. सिद्धार्थ एकेडेमी उ.मा.वि., बनेपा,
धुलिखेल, काभ्रे केन्द्रमा परेका बाहेक रामेछाप जिल्लाका सम्पूर्ण उ.मा.वि./क्याम्पसका परीक्षार्थीहरू
२. हिमालय पुरा कवि बेलिंङ्गघु उ.मा.वि., गाम्जाडाटार, ओखलढुङ्गा
३. चण्डेश्वरी उ.मा.वि., रगेरी, ओखलढुङ्गा
४. ज्ञानप्रकाश उ.मा.वि., सिदिभुरा, ओखलढुङ्गा
५. नवज्योति उ.मा.वि., चम्पादेवी, ओखलढुङ्गा
६. जनजीवन उ.मा.वि., पोकली, ओखलढुङ्गा
७. कालिका उ.मा.वि., श्रीदपुर -६, भालुधुङ्का, ओखलढुङ्गा
८. फूलवारी उ.मा.वि., खिजी, फलाटे-९, ओखलढुङ्गा
९१. गौरीशंकर क्याम्पस, चरिकोट, दोलखा केन्द्र
दोलखा जिल्लाका सम्पूर्ण उ.मा.वि./क्याम्पसका परीक्षार्थीहरू
९२. कृष्णाराम गंगा उ.मा.वि., चौतारा सिन्धुपाल्चोक केन्द्र
सिन्धुपाल्चोक जिल्लाका सम्पूर्ण उ.मा.वि./क्याम्पसका परीक्षार्थीहरू
९३. कैलाश बहुमुखी क्याम्पस, बनेपा, काभ्रेपलान्चोक केन्द्र
१. इन्डेभर उ.मा.वि., पनौती
२. सञ्जीवनी उ.मा.वि., धुलिखेल
३. नेपाल प्रहरी आवासीय उ.मा.वि., सांगा
४. इडिमुम्का उ.मा.वि., मदादेवस्थान
५. सरस्वती उ.मा.वि., पाँचखाल
६. प्रभा उ.मा.वि., कालिक
७. काठे बहुमुखी क्याम्पस, बनेपा
८. धुलिखेल सञ्जीवनी क्याम्पस, धुलिखेल
९. प्रकाश उ.मा.वि., भुम्लुटार
१०. मिलिनियम इन्डेभर उ.मा.वि., बनेपा
११. कान्ति उ.मा.वि., बनेपा
१२. टेजगंगा माहाविद्यालय, पनौती
१३. सिद्धार्थ इङ्लिस उ.मा.वि., बनेपा
१४. इनर्जी प्रभात उ.मा.वि., बनेपा, पुलबजार
१५. बनेपा पेरिट उ.मा.वि., नयाँबस्ती, बनेपा
९४. बेलर इन्टरनेशनल उ.मा.वि., बनेपा, काभ्रेपलान्चोक केन्द्र
१. चैतन्य बहुमुखी क्याम्पस, बनेपा
(बाँकी पृष्ठ ११ मा)
